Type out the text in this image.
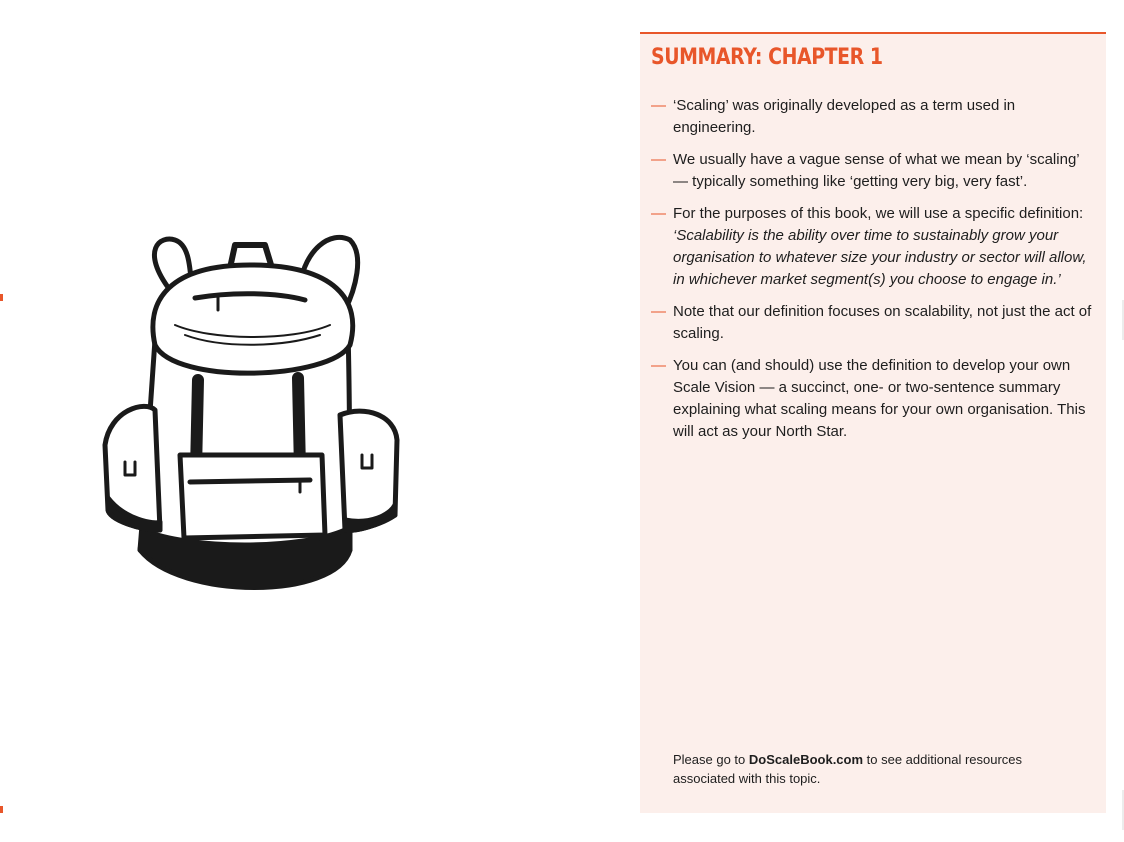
SUMMARY: CHAPTER 1
— ‘Scaling’ was originally developed as a term used in engineering.
— We usually have a vague sense of what we mean by ‘scaling’ — typically something like ‘getting very big, very fast’.
— For the purposes of this book, we will use a specific definition: ‘Scalability is the ability over time to sustainably grow your organisation to whatever size your industry or sector will allow, in whichever market segment(s) you choose to engage in.’
— Note that our definition focuses on scalability, not just the act of scaling.
— You can (and should) use the definition to develop your own Scale Vision — a succinct, one- or two-sentence summary explaining what scaling means for your own organisation. This will act as your North Star.

Please go to DoScaleBook.com to see additional resources associated with this topic.
